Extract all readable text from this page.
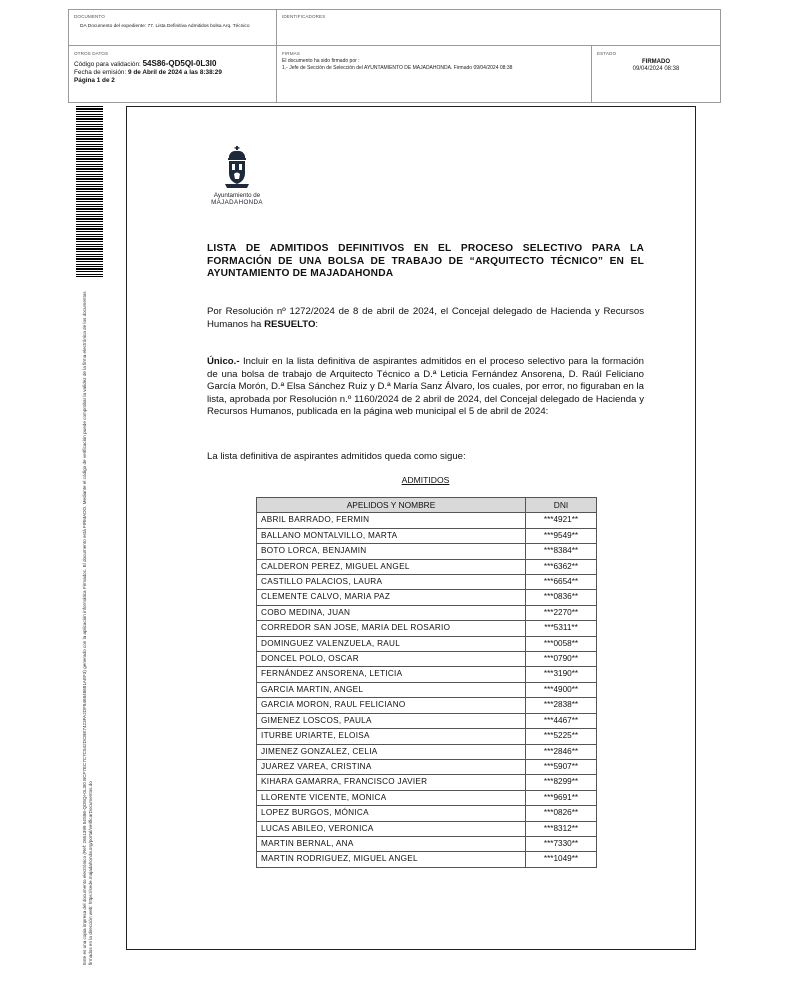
DOCUMENTO
DA Documento del expediente: 77. Lista Definitiva Admitidos bolsa Arq. Técnico
IDENTIFICADORES
OTROS DATOS
Código para validación: 54S86-QD5QI-0L3I0
Fecha de emisión: 9 de Abril de 2024 a las 8:38:29
Página 1 de 2
FIRMAS
El documento ha sido firmado por :
1.- Jefe de Sección de Selección del AYUNTAMIENTO DE MAJADAHONDA. Firmado 09/04/2024 08:38
ESTADO
FIRMADO
09/04/2024 08:38
Este es una copia impresa del documento electrónico (Ref: 2651399 54S86-QD5QI-0L3I0 BCF7EC7C7C542DCBE7423FA2DF846848681AEF3) generado con la aplicación informática Firmadoc. El documento está FIRMADO. Mediante el código de verificación puede comprobar la validez de la firma electrónica de los documentos firmados en la dirección web: https://sede.majadahonda.org/portal/verificarDocumentos.do
Ayuntamiento de
MAJADAHONDA
LISTA DE ADMITIDOS DEFINITIVOS EN EL PROCESO SELECTIVO PARA LA FORMACIÓN DE UNA BOLSA DE TRABAJO DE “ARQUITECTO TÉCNICO” EN EL AYUNTAMIENTO DE MAJADAHONDA
Por Resolución nº 1272/2024 de 8 de abril de 2024, el Concejal delegado de Hacienda y Recursos Humanos ha RESUELTO:
Único.- Incluir en la lista definitiva de aspirantes admitidos en el proceso selectivo para la formación de una bolsa de trabajo de Arquitecto Técnico a D.ª Leticia Fernández Ansorena, D. Raúl Feliciano García Morón, D.ª Elsa Sánchez Ruiz y D.ª María Sanz Álvaro, los cuales, por error, no figuraban en la lista, aprobada por Resolución n.º 1160/2024 de 2 abril de 2024, del Concejal delegado de Hacienda y Recursos Humanos, publicada en la página web municipal el 5 de abril de 2024:
La lista definitiva de aspirantes admitidos queda como sigue:
ADMITIDOS
APELIDOS Y NOMBRE	DNI
ABRIL BARRADO, FERMIN	***4921**
BALLANO MONTALVILLO, MARTA	***9549**
BOTO LORCA, BENJAMIN	***8384**
CALDERON PEREZ, MIGUEL ANGEL	***6362**
CASTILLO PALACIOS, LAURA	***6654**
CLEMENTE CALVO, MARIA PAZ	***0836**
COBO MEDINA, JUAN	***2270**
CORREDOR SAN JOSE, MARIA DEL ROSARIO	***5311**
DOMINGUEZ VALENZUELA, RAUL	***0058**
DONCEL POLO, OSCAR	***0790**
FERNÁNDEZ ANSORENA, LETICIA	***3190**
GARCIA MARTIN, ANGEL	***4900**
GARCIA MORON, RAUL FELICIANO	***2838**
GIMENEZ LOSCOS, PAULA	***4467**
ITURBE URIARTE, ELOISA	***5225**
JIMENEZ GONZALEZ, CELIA	***2846**
JUAREZ VAREA, CRISTINA	***5907**
KIHARA GAMARRA, FRANCISCO JAVIER	***8299**
LLORENTE VICENTE, MONICA	***9691**
LOPEZ BURGOS, MÓNICA	***0826**
LUCAS ABILEO, VERONICA	***8312**
MARTIN BERNAL, ANA	***7330**
MARTIN RODRIGUEZ, MIGUEL ANGEL	***1049**
